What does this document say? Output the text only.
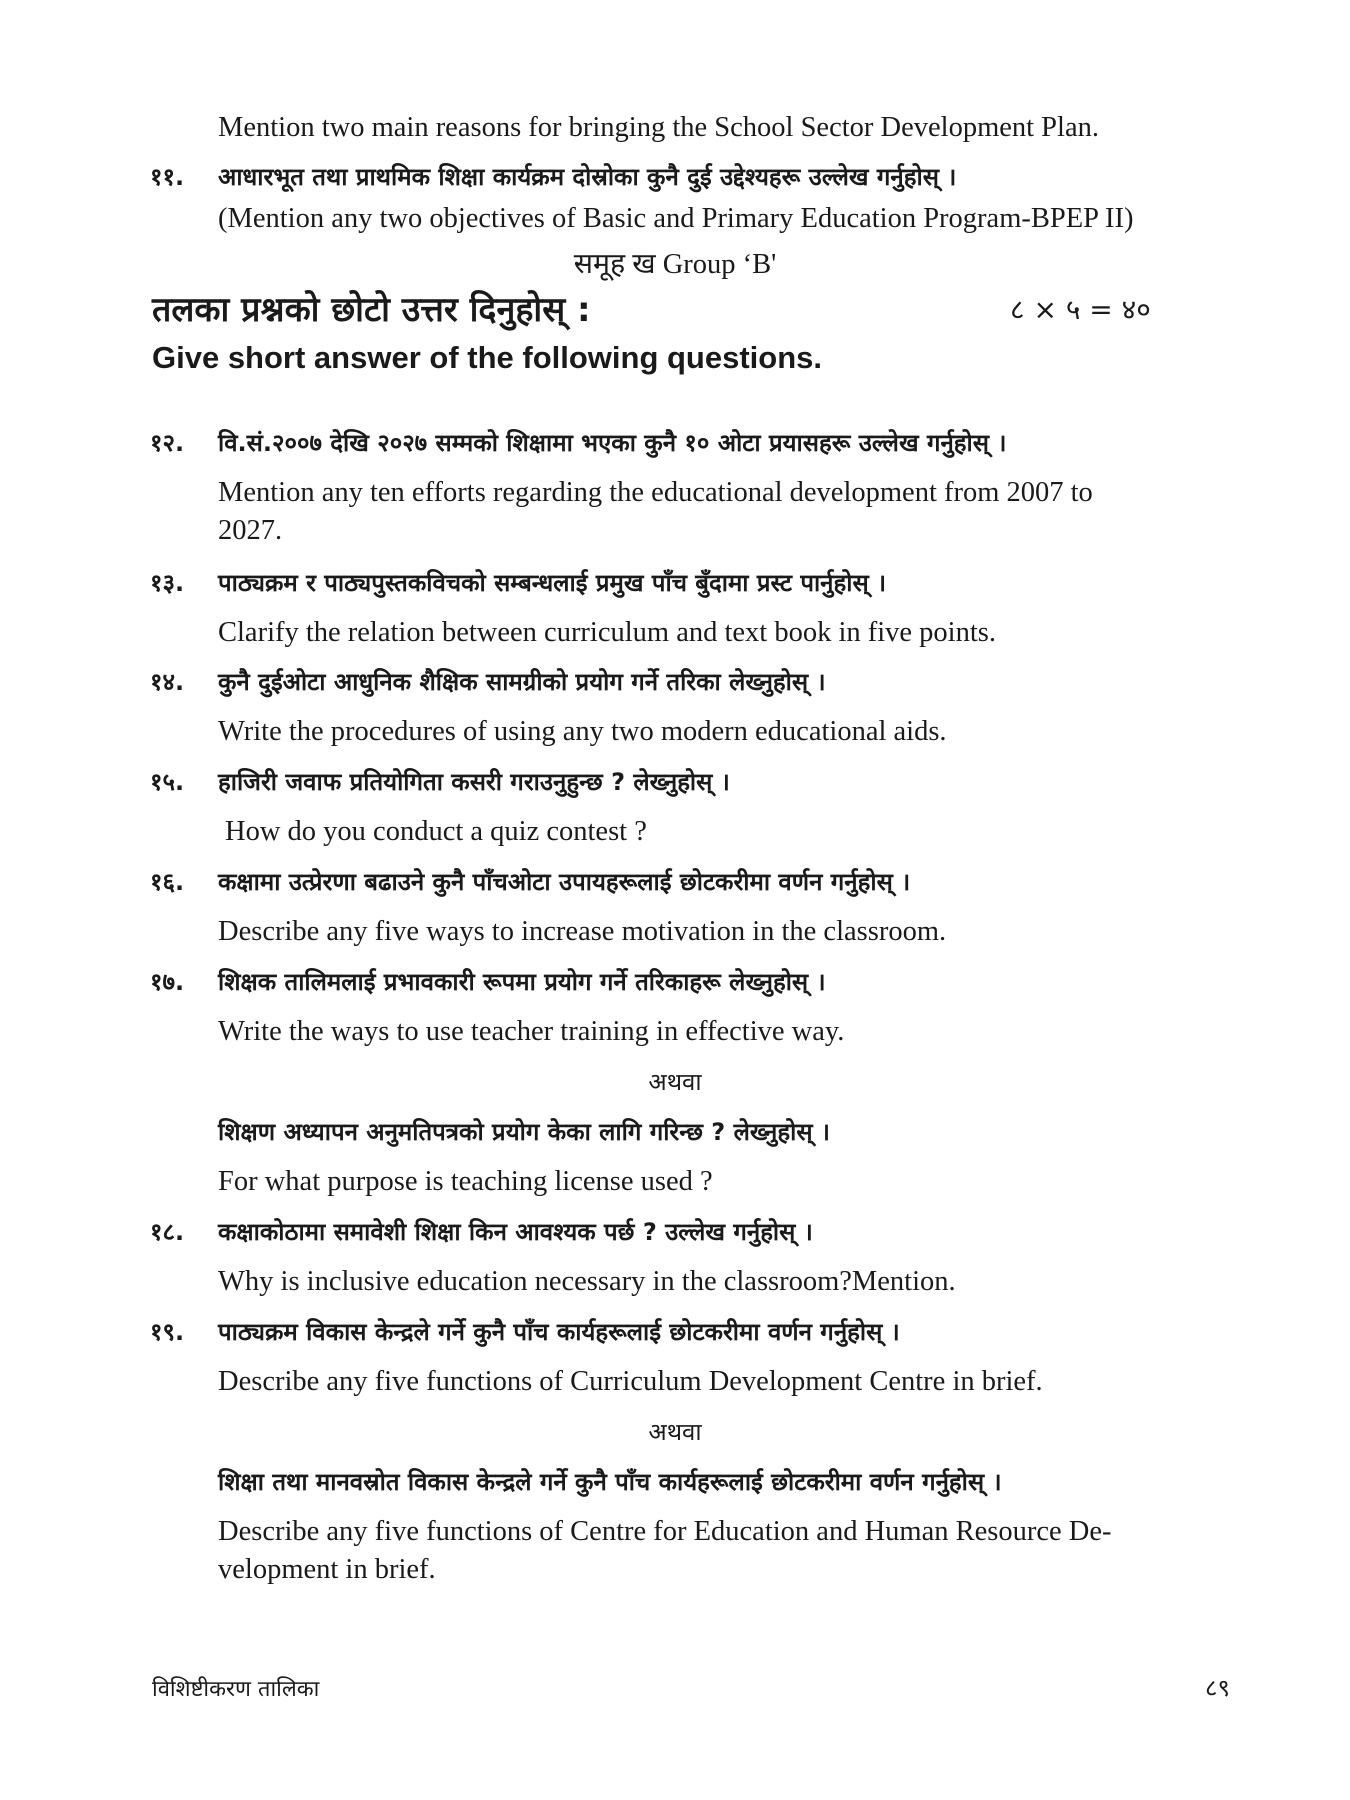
Mention two main reasons for bringing the School Sector Development Plan.
११. आधारभूत तथा प्राथमिक शिक्षा कार्यक्रम दोस्रोका कुनै दुई उद्देश्यहरू उल्लेख गर्नुहोस् ।
(Mention any two objectives of Basic and Primary Education Program-BPEP II)
समूह ख Group ‘B'
तलका प्रश्नको छोटो उत्तर दिनुहोस् :	८ × ५ = ४०
Give short answer of the following questions.
१२. वि.सं.२००७ देखि २०२७ सम्मको शिक्षामा भएका कुनै १० ओटा प्रयासहरू उल्लेख गर्नुहोस् ।
Mention any ten efforts regarding the educational development from 2007 to
2027.
१३. पाठ्यक्रम र पाठ्यपुस्तकविचको सम्बन्धलाई प्रमुख पाँच बुँदामा प्रस्ट पार्नुहोस् ।
Clarify the relation between curriculum and text book in five points.
१४. कुनै दुईओटा आधुनिक शैक्षिक सामग्रीको प्रयोग गर्ने तरिका लेख्नुहोस् ।
Write the procedures of using any two modern educational aids.
१५. हाजिरी जवाफ प्रतियोगिता कसरी गराउनुहुन्छ ? लेख्नुहोस् ।
How do you conduct a quiz contest ?
१६. कक्षामा उत्प्रेरणा बढाउने कुनै पाँचओटा उपायहरूलाई छोटकरीमा वर्णन गर्नुहोस् ।
Describe any five ways to increase motivation in the classroom.
१७. शिक्षक तालिमलाई प्रभावकारी रूपमा प्रयोग गर्ने तरिकाहरू लेख्नुहोस् ।
Write the ways to use teacher training in effective way.
अथवा
शिक्षण अध्यापन अनुमतिपत्रको प्रयोग केका लागि गरिन्छ ? लेख्नुहोस् ।
For what purpose is teaching license used ?
१८. कक्षाकोठामा समावेशी शिक्षा किन आवश्यक पर्छ ? उल्लेख गर्नुहोस् ।
Why is inclusive education necessary in the classroom?Mention.
१९. पाठ्यक्रम विकास केन्द्रले गर्ने कुनै पाँच कार्यहरूलाई छोटकरीमा वर्णन गर्नुहोस् ।
Describe any five functions of Curriculum Development Centre in brief.
अथवा
शिक्षा तथा मानवस्रोत विकास केन्द्रले गर्ने कुनै पाँच कार्यहरूलाई छोटकरीमा वर्णन गर्नुहोस् ।
Describe any five functions of Centre for Education and Human Resource De-
velopment in brief.
विशिष्टीकरण तालिका	८९
